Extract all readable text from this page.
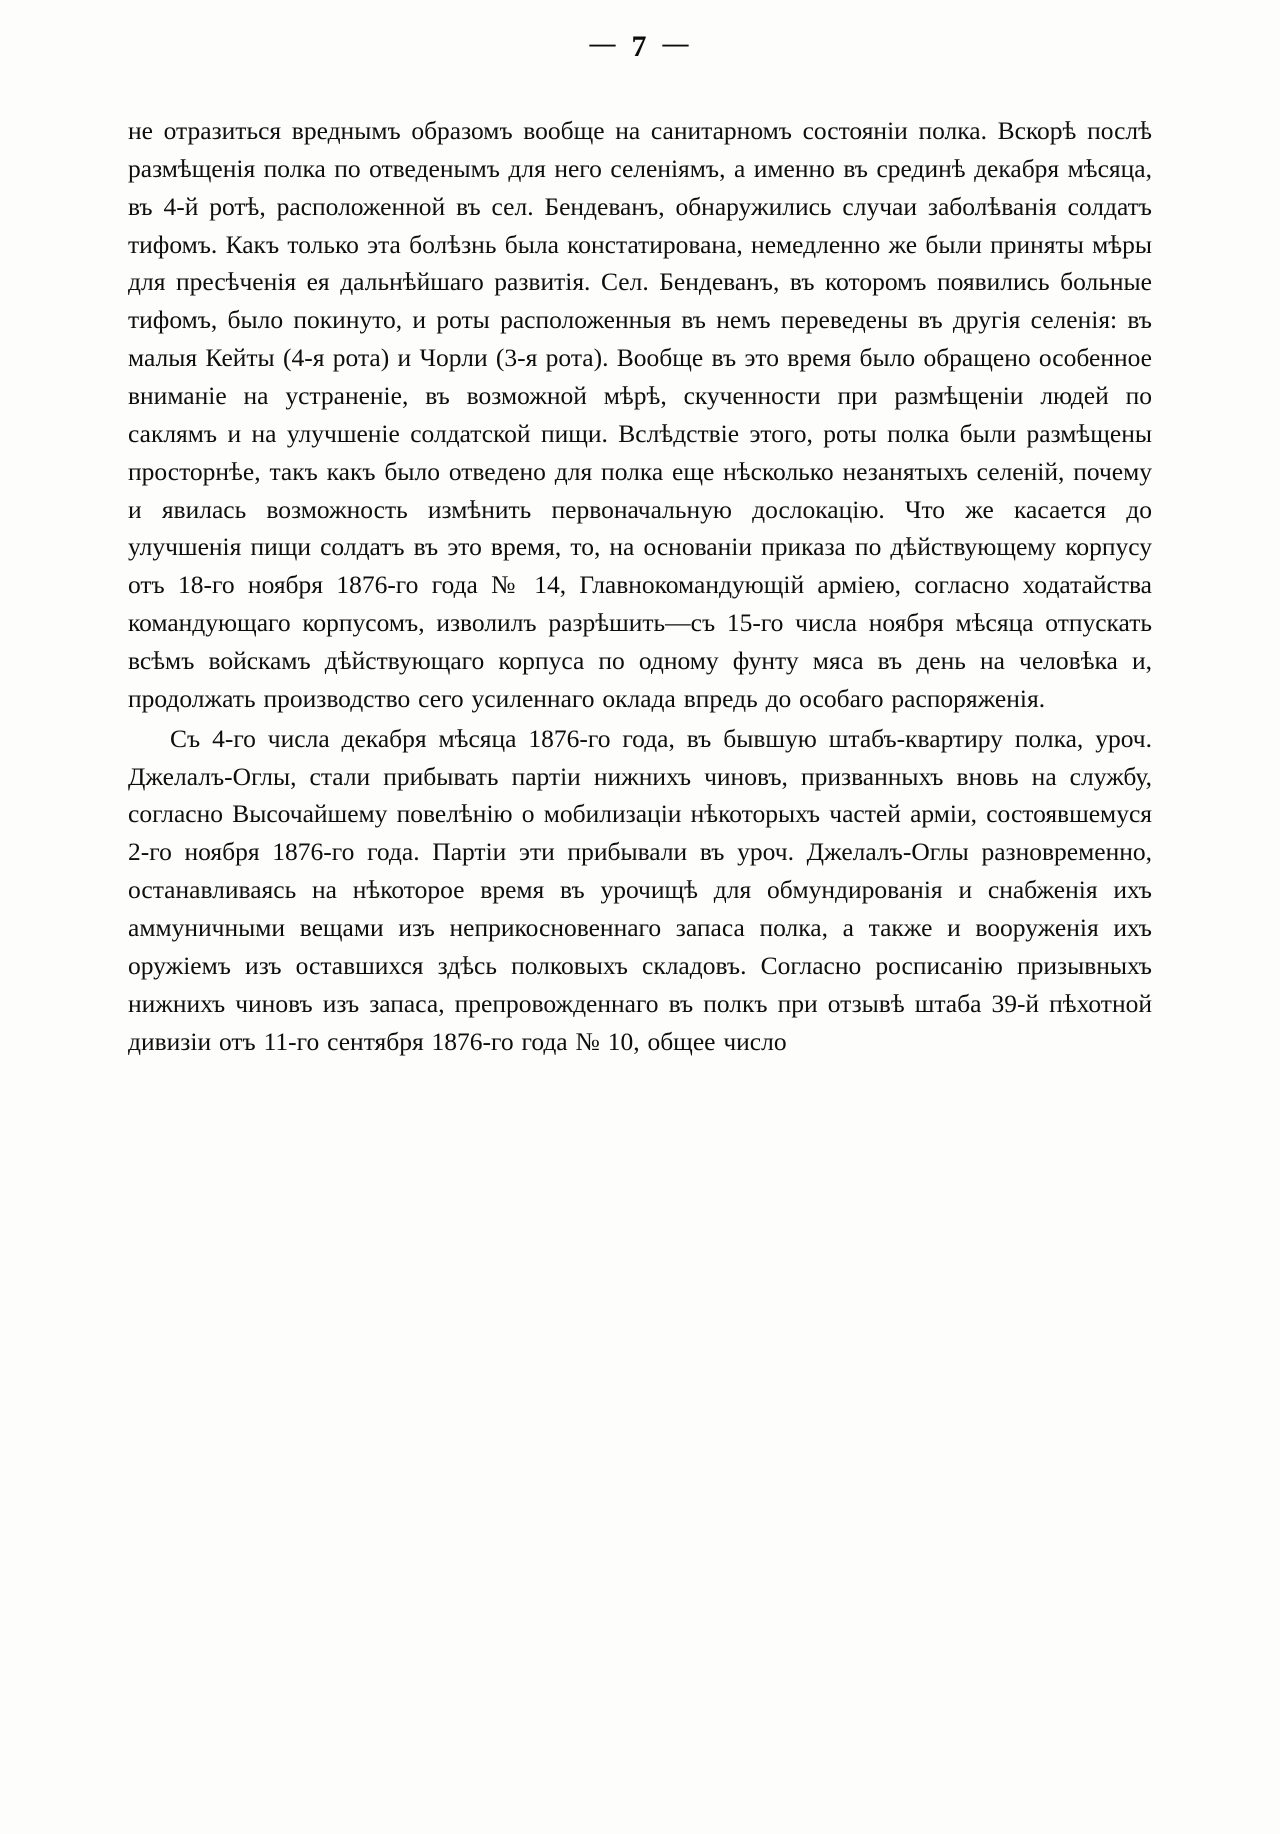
— 7 —

не отразиться вреднымъ образомъ вообще на санитарномъ состоянiи полка. Вскорѣ послѣ размѣщенiя полка по отведенымъ для него селенiямъ, а именно въ срединѣ декабря мѣсяца, въ 4-й ротѣ, расположенной въ сел. Бендеванъ, обнаружились случаи заболѣванiя солдатъ тифомъ. Какъ только эта болѣзнь была констатирована, немедленно же были приняты мѣры для пресѣченiя ея дальнѣйшаго развитiя. Сел. Бендеванъ, въ которомъ появились больные тифомъ, было покинуто, и роты расположенныя въ немъ переведены въ другiя селенiя: въ малыя Кейты (4-я рота) и Чорли (3-я рота). Вообще въ это время было обращено особенное вниманiе на устраненiе, въ возможной мѣрѣ, скученности при размѣщенiи людей по саклямъ и на улучшенiе солдатской пищи. Вслѣдствiе этого, роты полка были размѣщены просторнѣе, такъ какъ было отведено для полка еще нѣсколько незанятыхъ селенiй, почему и явилась возможность измѣнить первоначальную дослокацiю. Что же касается до улучшенiя пищи солдатъ въ это время, то, на основанiи приказа по дѣйствующему корпусу отъ 18-го ноября 1876-го года № 14, Главнокомандующiй армiею, согласно ходатайства командующаго корпусомъ, изволилъ разрѣшить—съ 15-го числа ноября мѣсяца отпускать всѣмъ войскамъ дѣйствующаго корпуса по одному фунту мяса въ день на человѣка и, продолжать производство сего усиленнаго оклада впредь до особаго распоряженiя.

Съ 4-го числа декабря мѣсяца 1876-го года, въ бывшую штабъ-квартиру полка, уроч. Джелалъ-Оглы, стали прибывать партiи нижнихъ чиновъ, призванныхъ вновь на службу, согласно Высочайшему повелѣнiю о мобилизацiи нѣкоторыхъ частей армiи, состоявшемуся 2-го ноября 1876-го года. Партiи эти прибывали въ уроч. Джелалъ-Оглы разновременно, останавливаясь на нѣкоторое время въ урочищѣ для обмундированiя и снабженiя ихъ аммуничными вещами изъ неприкосновеннаго запаса полка, а также и вооруженiя ихъ оружiемъ изъ оставшихся здѣсь полковыхъ складовъ. Согласно росписанiю призывныхъ нижнихъ чиновъ изъ запаса, препровожденнаго въ полкъ при отзывѣ штаба 39-й пѣхотной дивизiи отъ 11-го сентября 1876-го года № 10, общее число
